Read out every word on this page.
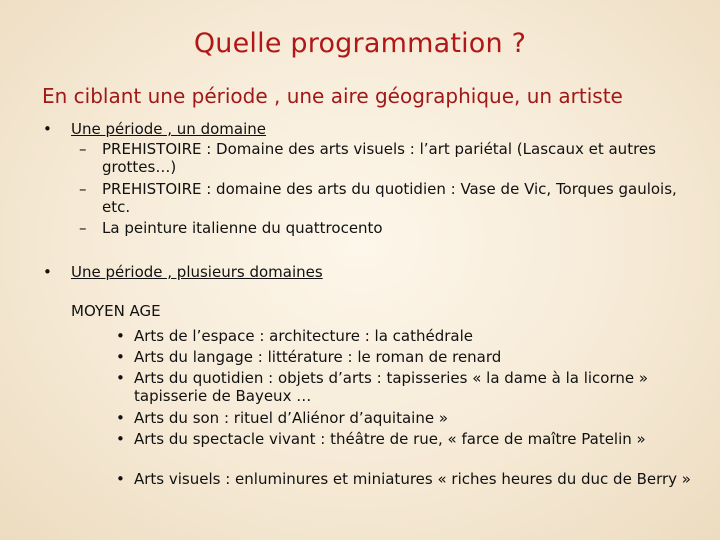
Quelle programmation ?
En ciblant une période , une aire géographique, un artiste
• Une période , un domaine
– PREHISTOIRE : Domaine des arts visuels : l’art pariétal (Lascaux et autres grottes…)
– PREHISTOIRE : domaine des arts du quotidien : Vase de Vic, Torques gaulois, etc.
– La peinture italienne du quattrocento
• Une période , plusieurs domaines
MOYEN AGE
• Arts de l’espace : architecture : la cathédrale
• Arts du langage : littérature : le roman de renard
• Arts du quotidien : objets d’arts : tapisseries « la dame à la licorne » tapisserie de Bayeux …
• Arts du son : rituel d’Aliénor d’aquitaine »
• Arts du spectacle vivant : théâtre de rue, « farce de maître Patelin »
• Arts visuels : enluminures et miniatures « riches heures du duc de Berry »
